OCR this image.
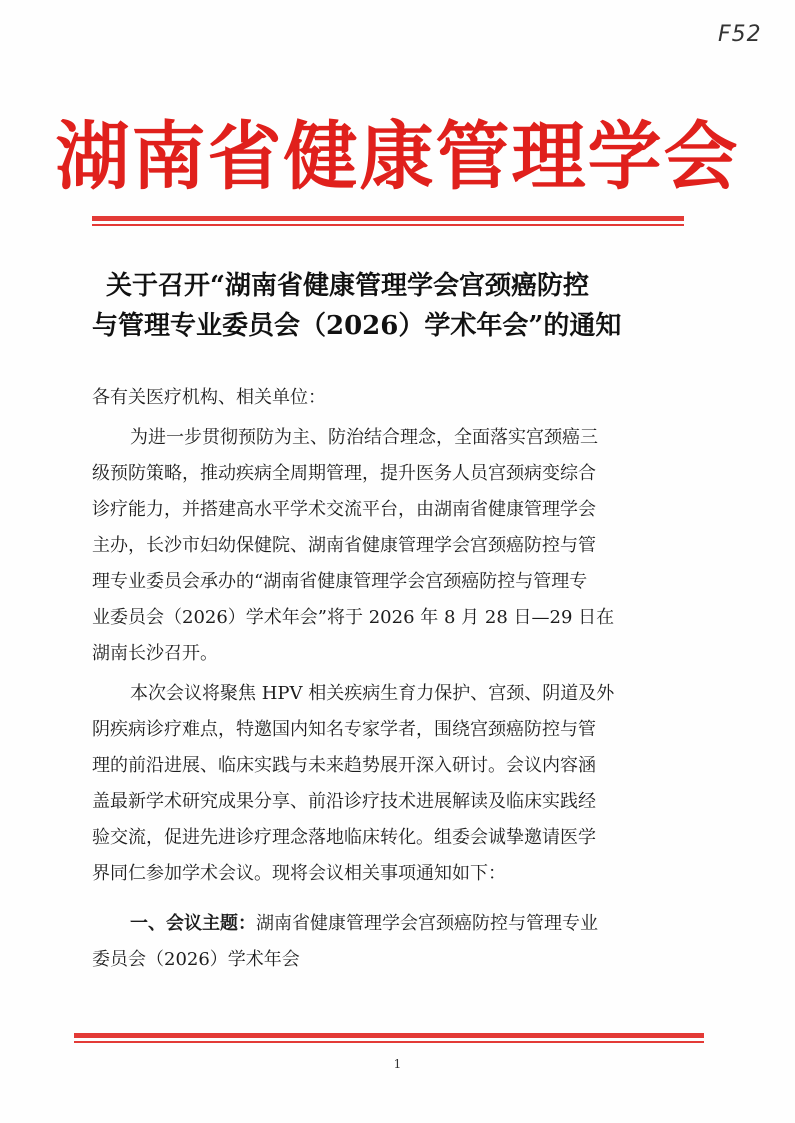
F52
湖南省健康管理学会
关于召开“湖南省健康管理学会宫颈癌防控
与管理专业委员会（2026）学术年会”的通知
各有关医疗机构、相关单位：
为进一步贯彻预防为主、防治结合理念，全面落实宫颈癌三
级预防策略，推动疾病全周期管理，提升医务人员宫颈病变综合
诊疗能力，并搭建高水平学术交流平台，由湖南省健康管理学会
主办，长沙市妇幼保健院、湖南省健康管理学会宫颈癌防控与管
理专业委员会承办的“湖南省健康管理学会宫颈癌防控与管理专
业委员会（2026）学术年会”将于 2026 年 8 月 28 日—29 日在
湖南长沙召开。
本次会议将聚焦 HPV 相关疾病生育力保护、宫颈、阴道及外
阴疾病诊疗难点，特邀国内知名专家学者，围绕宫颈癌防控与管
理的前沿进展、临床实践与未来趋势展开深入研讨。会议内容涵
盖最新学术研究成果分享、前沿诊疗技术进展解读及临床实践经
验交流，促进先进诊疗理念落地临床转化。组委会诚挚邀请医学
界同仁参加学术会议。现将会议相关事项通知如下：
一、会议主题：湖南省健康管理学会宫颈癌防控与管理专业
委员会（2026）学术年会
1
